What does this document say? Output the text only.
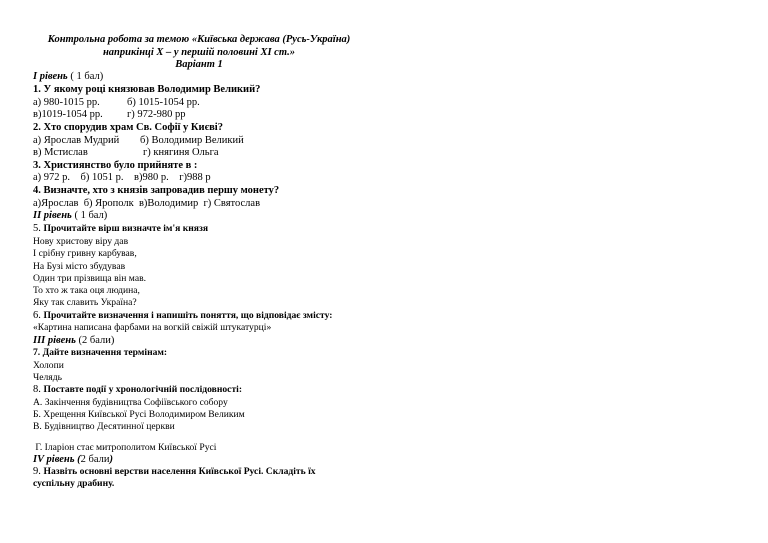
Контрольна робота за темою «Київська держава (Русь-Україна)
наприкінці X – у першій половині XI ст.»
Варіант 1
І рівень ( 1 бал)
1. У якому році князював Володимир Великий?
а) 980-1015 рр.	б) 1015-1054 рр.
в)1019-1054 рр. г) 972-980 рр
2. Хто спорудив храм Св. Софії у Києві?
а) Ярослав Мудрий б) Володимир Великий
в) Мстислав	г) княгиня Ольга
3. Християнство було прийняте в :
а) 972 р.    б) 1051 р.    в)980 р.    г)988 р
4. Визначте, хто з князів запровадив першу монету?
а)Ярослав  б) Ярополк  в)Володимир  г) Святослав
ІІ рівень ( 1 бал)
5. Прочитайте вірш визначте ім'я князя
Нову христову віру дав
І срібну гривну карбував,
На Бузі місто збудував
Один три прізвища він мав.
То хто ж така оця людина,
Яку так славить Україна?
6. Прочитайте визначення і напишіть поняття, що відповідає змісту:
«Картина написана фарбами на вогкій свіжій штукатурці»
ІІІ рівень (2 бали)
7. Дайте визначення термінам:
Холопи
Челядь
8. Поставте події у хронологічній послідовності:
А. Закінчення будівництва Софіївського собору
Б. Хрещення Київської Русі Володимиром Великим
В. Будівництво Десятинної церкви
Г. Іларіон стає митрополитом Київської Русі
IV рівень (2 бали)
9. Назвіть основні верстви населення Київської Русі. Складіть їх
суспільну драбину.
